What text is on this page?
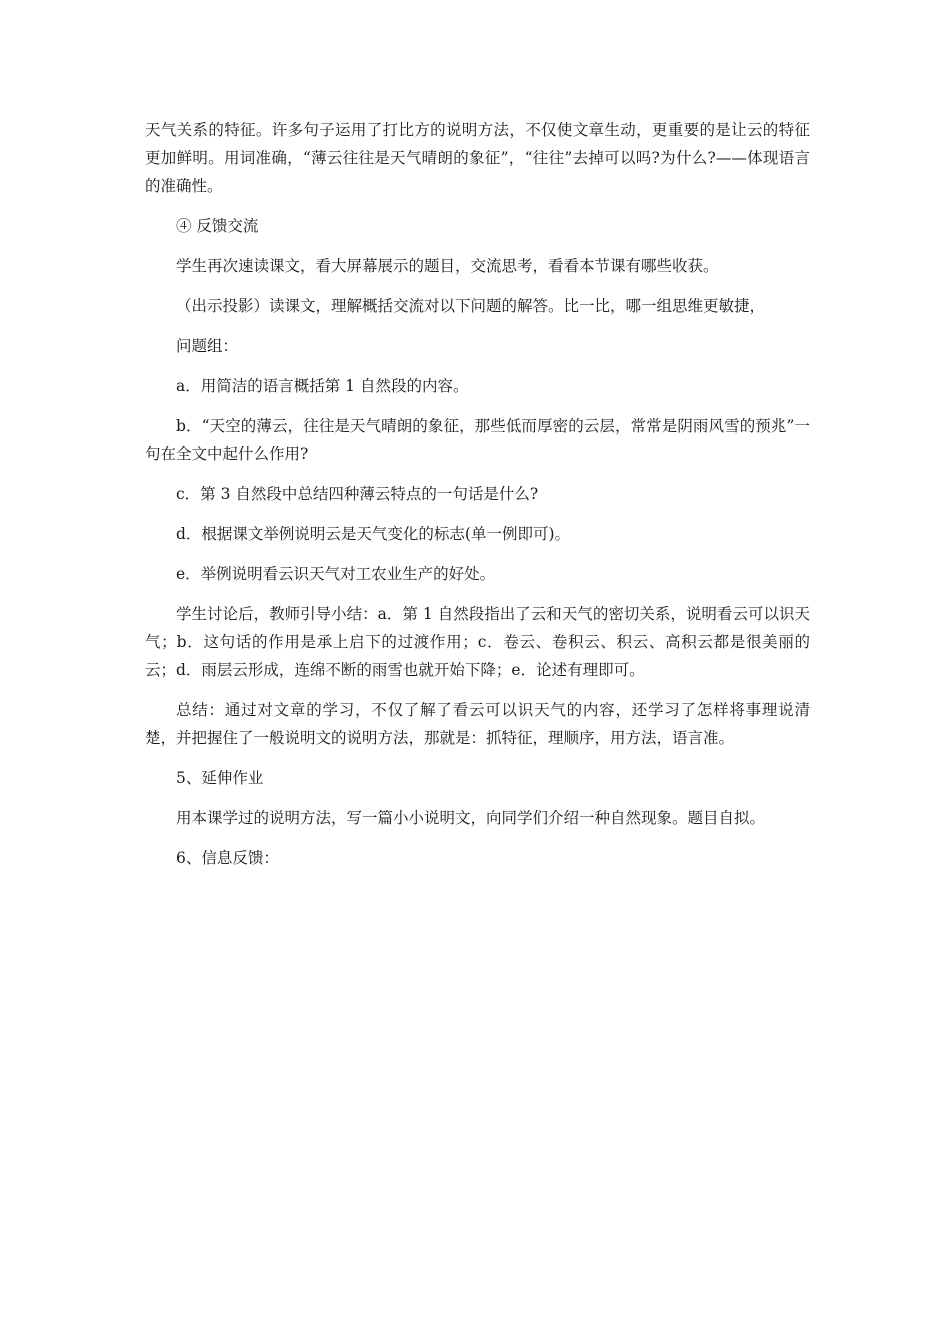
天气关系的特征。许多句子运用了打比方的说明方法，不仅使文章生动，更重要的是让云的特征更加鲜明。用词准确，“薄云往往是天气晴朗的象征”，“往往”去掉可以吗?为什么?——体现语言的准确性。

④ 反馈交流

学生再次速读课文，看大屏幕展示的题目，交流思考，看看本节课有哪些收获。

（出示投影）读课文，理解概括交流对以下问题的解答。比一比，哪一组思维更敏捷，

问题组：

a．用简洁的语言概括第 1 自然段的内容。

b．“天空的薄云，往往是天气晴朗的象征，那些低而厚密的云层，常常是阴雨风雪的预兆”一句在全文中起什么作用?

c．第 3 自然段中总结四种薄云特点的一句话是什么?

d．根据课文举例说明云是天气变化的标志(单一例即可)。

e．举例说明看云识天气对工农业生产的好处。

学生讨论后，教师引导小结：a．第 1 自然段指出了云和天气的密切关系，说明看云可以识天气；b．这句话的作用是承上启下的过渡作用；c．卷云、卷积云、积云、高积云都是很美丽的云；d．雨层云形成，连绵不断的雨雪也就开始下降；e．论述有理即可。

总结：通过对文章的学习，不仅了解了看云可以识天气的内容，还学习了怎样将事理说清楚，并把握住了一般说明文的说明方法，那就是：抓特征，理顺序，用方法，语言准。

5、延伸作业

用本课学过的说明方法，写一篇小小说明文，向同学们介绍一种自然现象。题目自拟。

6、信息反馈：
